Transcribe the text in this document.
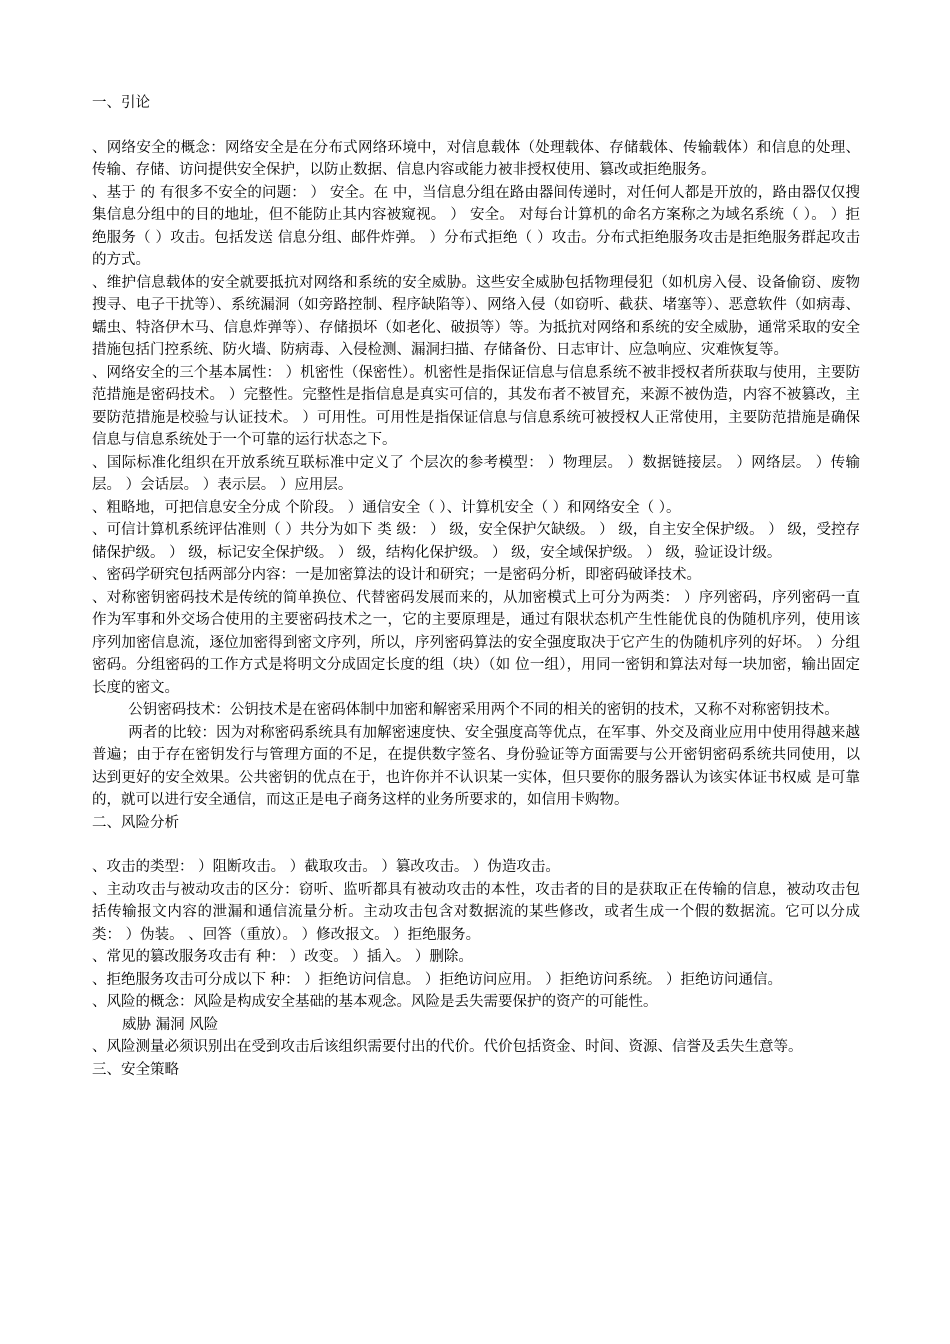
一、引论

、网络安全的概念：网络安全是在分布式网络环境中，对信息载体（处理载体、存储载体、传输载体）和信息的处理、传输、存储、访问提供安全保护，以防止数据、信息内容或能力被非授权使用、篡改或拒绝服务。

、基于 的 有很多不安全的问题： ） 安全。在 中，当信息分组在路由器间传递时，对任何人都是开放的，路由器仅仅搜集信息分组中的目的地址，但不能防止其内容被窥视。 ） 安全。 对每台计算机的命名方案称之为域名系统（ ）。 ）拒绝服务（ ）攻击。包括发送 信息分组、邮件炸弹。 ）分布式拒绝（ ）攻击。分布式拒绝服务攻击是拒绝服务群起攻击的方式。

、维护信息载体的安全就要抵抗对网络和系统的安全威胁。这些安全威胁包括物理侵犯（如机房入侵、设备偷窃、废物搜寻、电子干扰等）、系统漏洞（如旁路控制、程序缺陷等）、网络入侵（如窃听、截获、堵塞等）、恶意软件（如病毒、蠕虫、特洛伊木马、信息炸弹等）、存储损坏（如老化、破损等）等。为抵抗对网络和系统的安全威胁，通常采取的安全措施包括门控系统、防火墙、防病毒、入侵检测、漏洞扫描、存储备份、日志审计、应急响应、灾难恢复等。

、网络安全的三个基本属性： ）机密性（保密性）。机密性是指保证信息与信息系统不被非授权者所获取与使用，主要防范措施是密码技术。 ）完整性。完整性是指信息是真实可信的，其发布者不被冒充，来源不被伪造，内容不被篡改，主要防范措施是校验与认证技术。 ）可用性。可用性是指保证信息与信息系统可被授权人正常使用，主要防范措施是确保信息与信息系统处于一个可靠的运行状态之下。

、国际标准化组织在开放系统互联标准中定义了 个层次的参考模型： ）物理层。 ）数据链接层。 ）网络层。 ）传输层。 ）会话层。 ）表示层。 ）应用层。

、粗略地，可把信息安全分成 个阶段。 ）通信安全（ ）、计算机安全（ ）和网络安全（ ）。

、可信计算机系统评估准则（ ）共分为如下 类 级： ） 级，安全保护欠缺级。 ） 级，自主安全保护级。 ） 级，受控存储保护级。 ） 级，标记安全保护级。 ） 级，结构化保护级。 ） 级，安全域保护级。 ） 级，验证设计级。

、密码学研究包括两部分内容：一是加密算法的设计和研究；一是密码分析，即密码破译技术。

、对称密钥密码技术是传统的简单换位、代替密码发展而来的，从加密模式上可分为两类： ）序列密码，序列密码一直作为军事和外交场合使用的主要密码技术之一，它的主要原理是，通过有限状态机产生性能优良的伪随机序列，使用该序列加密信息流，逐位加密得到密文序列，所以，序列密码算法的安全强度取决于它产生的伪随机序列的好坏。 ）分组密码。分组密码的工作方式是将明文分成固定长度的组（块）（如 位一组），用同一密钥和算法对每一块加密，输出固定长度的密文。

公钥密码技术：公钥技术是在密码体制中加密和解密采用两个不同的相关的密钥的技术，又称不对称密钥技术。

两者的比较：因为对称密码系统具有加解密速度快、安全强度高等优点，在军事、外交及商业应用中使用得越来越普遍；由于存在密钥发行与管理方面的不足，在提供数字签名、身份验证等方面需要与公开密钥密码系统共同使用，以达到更好的安全效果。公共密钥的优点在于，也许你并不认识某一实体，但只要你的服务器认为该实体证书权威 是可靠的，就可以进行安全通信，而这正是电子商务这样的业务所要求的，如信用卡购物。

二、风险分析

、攻击的类型： ）阻断攻击。 ）截取攻击。 ）篡改攻击。 ）伪造攻击。

、主动攻击与被动攻击的区分：窃听、监听都具有被动攻击的本性，攻击者的目的是获取正在传输的信息，被动攻击包括传输报文内容的泄漏和通信流量分析。主动攻击包含对数据流的某些修改，或者生成一个假的数据流。它可以分成 类： ）伪装。 、回答（重放）。 ）修改报文。 ）拒绝服务。

、常见的篡改服务攻击有 种： ）改变。 ）插入。 ）删除。

、拒绝服务攻击可分成以下 种： ）拒绝访问信息。 ）拒绝访问应用。 ）拒绝访问系统。 ）拒绝访问通信。

、风险的概念：风险是构成安全基础的基本观念。风险是丢失需要保护的资产的可能性。

威胁 漏洞 风险

、风险测量必须识别出在受到攻击后该组织需要付出的代价。代价包括资金、时间、资源、信誉及丢失生意等。

三、安全策略
